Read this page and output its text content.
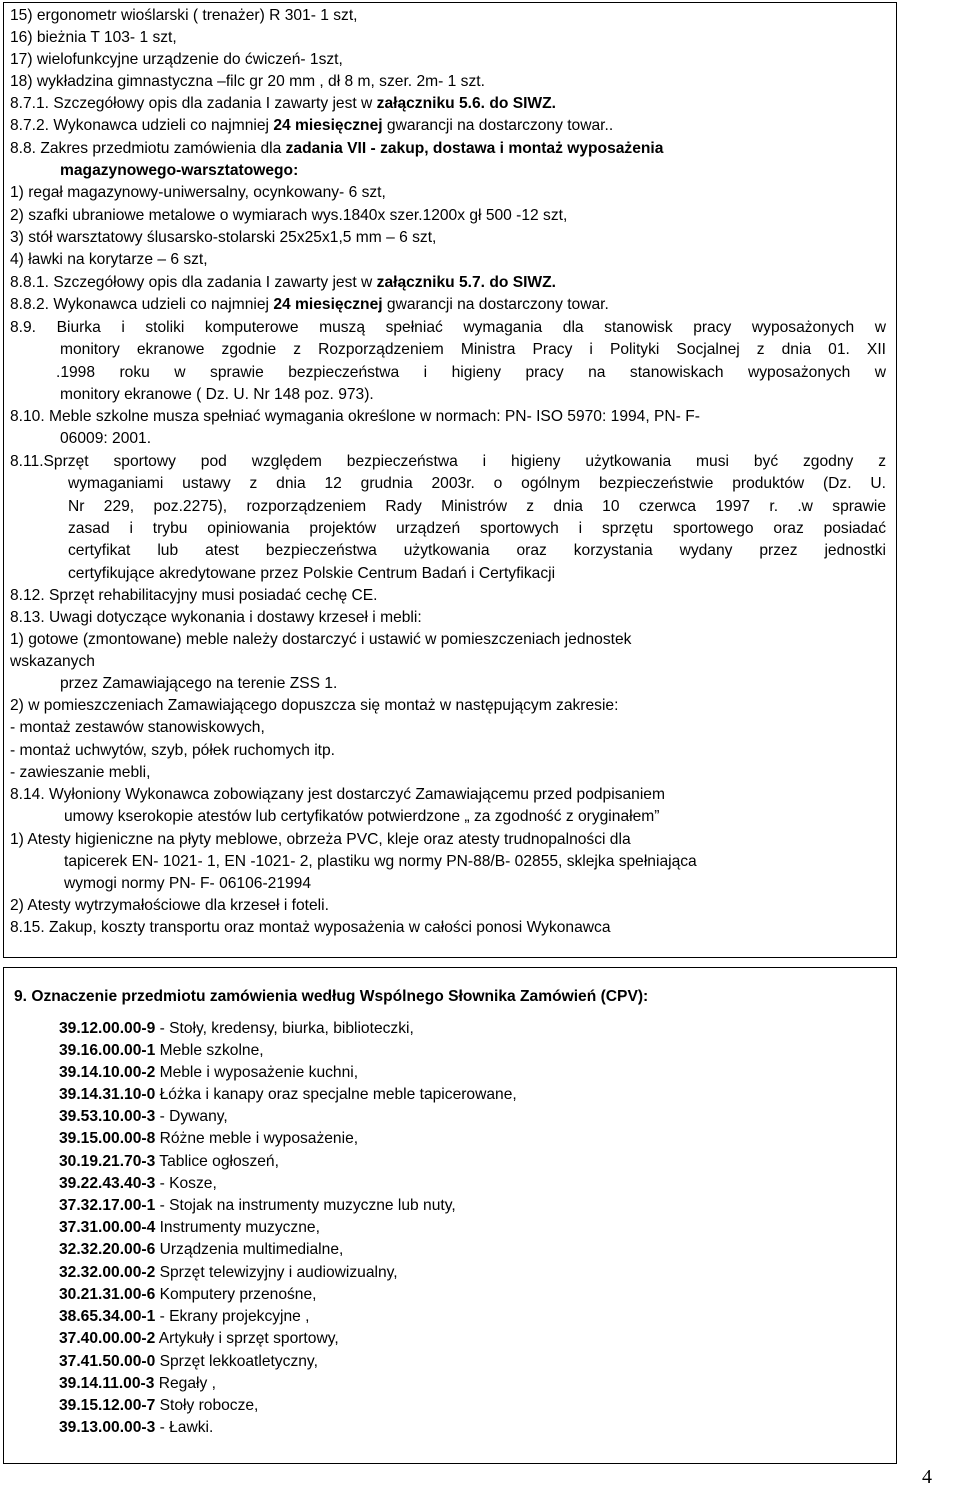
15) ergonometr wioślarski ( trenażer) R 301- 1 szt,
16) bieżnia T 103- 1 szt,
17) wielofunkcyjne urządzenie do ćwiczeń- 1szt,
18) wykładzina gimnastyczna –filc gr 20 mm , dł 8 m, szer. 2m- 1 szt.
8.7.1. Szczegółowy opis dla zadania I zawarty jest w załączniku 5.6. do SIWZ.
8.7.2. Wykonawca udzieli co najmniej 24 miesięcznej gwarancji na dostarczony towar..
8.8. Zakres przedmiotu zamówienia dla zadania VII - zakup, dostawa i montaż wyposażenia
magazynowego-warsztatowego:
1) regał magazynowy-uniwersalny, ocynkowany- 6 szt,
2) szafki ubraniowe metalowe o wymiarach wys.1840x szer.1200x gł 500 -12 szt,
3) stół warsztatowy ślusarsko-stolarski 25x25x1,5 mm – 6 szt,
4) ławki na korytarze – 6 szt,
8.8.1. Szczegółowy opis dla zadania I zawarty jest w załączniku 5.7. do SIWZ.
8.8.2. Wykonawca udzieli co najmniej 24 miesięcznej gwarancji na dostarczony towar.
8.9. Biurka i stoliki komputerowe muszą spełniać wymagania dla stanowisk pracy wyposażonych w
monitory ekranowe zgodnie z Rozporządzeniem Ministra Pracy i Polityki Socjalnej z dnia 01. XII
.1998 roku w sprawie bezpieczeństwa i higieny pracy na stanowiskach wyposażonych w
monitory ekranowe ( Dz. U. Nr 148 poz. 973).
8.10. Meble szkolne musza spełniać wymagania określone w normach: PN- ISO 5970: 1994, PN- F-
06009: 2001.
8.11.Sprzęt sportowy pod względem bezpieczeństwa i higieny użytkowania musi być zgodny z
wymaganiami ustawy z dnia 12 grudnia 2003r. o ogólnym bezpieczeństwie produktów (Dz. U.
Nr 229, poz.2275), rozporządzeniem Rady Ministrów z dnia 10 czerwca 1997 r. .w sprawie
zasad i trybu opiniowania projektów urządzeń sportowych i sprzętu sportowego oraz posiadać
certyfikat lub atest bezpieczeństwa użytkowania oraz korzystania wydany przez jednostki
certyfikujące akredytowane przez Polskie Centrum Badań i Certyfikacji
8.12. Sprzęt rehabilitacyjny musi posiadać cechę CE.
8.13. Uwagi dotyczące wykonania i dostawy krzeseł i mebli:
1) gotowe (zmontowane) meble należy dostarczyć i ustawić w pomieszczeniach jednostek
wskazanych
przez Zamawiającego na terenie ZSS 1.
2) w pomieszczeniach Zamawiającego dopuszcza się montaż w następującym zakresie:
- montaż zestawów stanowiskowych,
- montaż uchwytów, szyb, półek ruchomych itp.
- zawieszanie mebli,
8.14. Wyłoniony Wykonawca zobowiązany jest dostarczyć Zamawiającemu przed podpisaniem
umowy kserokopie atestów lub certyfikatów potwierdzone „ za zgodność z oryginałem”
1) Atesty higieniczne na płyty meblowe, obrzeża PVC, kleje oraz atesty trudnopalności dla
tapicerek EN- 1021- 1, EN -1021- 2, plastiku wg normy PN-88/B- 02855, sklejka spełniająca
wymogi normy PN- F- 06106-21994
2) Atesty wytrzymałościowe dla krzeseł i foteli.
8.15. Zakup, koszty transportu oraz montaż wyposażenia w całości ponosi Wykonawca
9. Oznaczenie przedmiotu zamówienia według Wspólnego Słownika Zamówień (CPV):
39.12.00.00-9 - Stoły, kredensy, biurka, biblioteczki,
39.16.00.00-1 Meble szkolne,
39.14.10.00-2 Meble i wyposażenie kuchni,
39.14.31.10-0 Łóżka i kanapy oraz specjalne meble tapicerowane,
39.53.10.00-3 - Dywany,
39.15.00.00-8 Różne meble i wyposażenie,
30.19.21.70-3 Tablice ogłoszeń,
39.22.43.40-3 - Kosze,
37.32.17.00-1 - Stojak na instrumenty muzyczne lub nuty,
37.31.00.00-4 Instrumenty muzyczne,
32.32.20.00-6 Urządzenia multimedialne,
32.32.00.00-2 Sprzęt telewizyjny i audiowizualny,
30.21.31.00-6 Komputery przenośne,
38.65.34.00-1 - Ekrany projekcyjne ,
37.40.00.00-2 Artykuły i sprzęt sportowy,
37.41.50.00-0 Sprzęt lekkoatletyczny,
39.14.11.00-3 Regały ,
39.15.12.00-7 Stoły robocze,
39.13.00.00-3 - Ławki.
4
